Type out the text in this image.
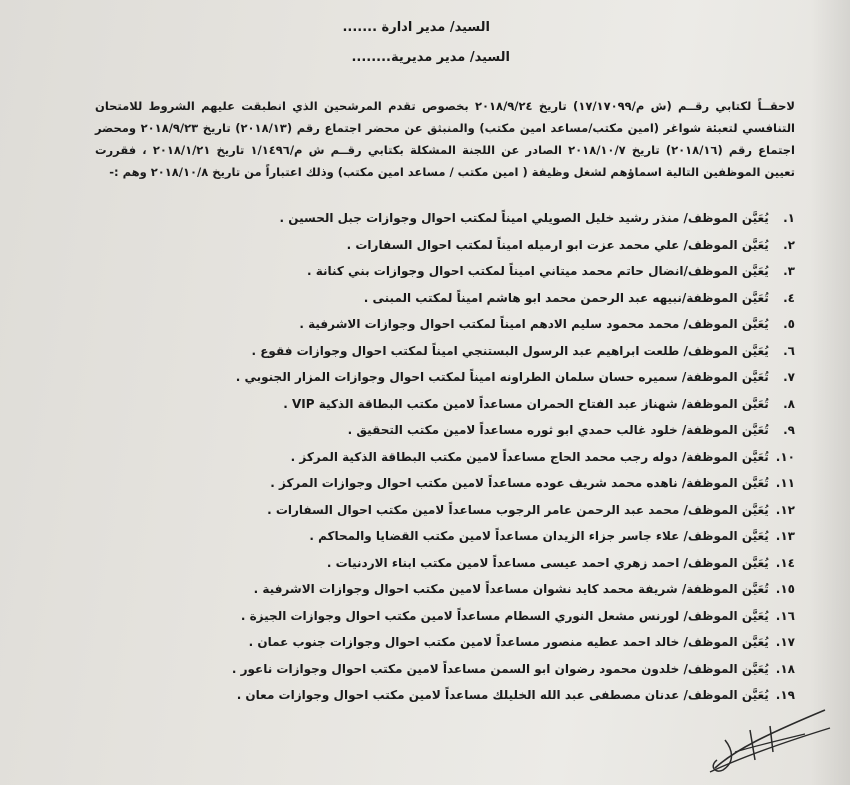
السيد/ مدير ادارة .......
السيد/ مدير مديرية........
لاحقــاً لكتابي رقــم (ش م/١٧/١٧٠٩٩) تاريخ ٢٠١٨/٩/٢٤ بخصوص تقدم المرشحين الذي انطبقت عليهم الشروط للامتحان التنافسي لتعبئة شواغر (امين مكتب/مساعد امين مكتب) والمنبثق عن محضر اجتماع رقم (٢٠١٨/١٣) تاريخ ٢٠١٨/٩/٢٣ ومحضر اجتماع رقم (٢٠١٨/١٦) تاريخ ٢٠١٨/١٠/٧ الصادر عن اللجنة المشكلة بكتابي رقــم ش م/١/١٤٩٦ تاريخ ٢٠١٨/١/٢١ ، فقررت تعيين الموظفين التالية اسماؤهم لشغل وظيفة ( امين مكتب / مساعد امين مكتب) وذلك اعتباراً من تاريخ ٢٠١٨/١٠/٨ وهم :-
١. يُعَيَّن الموظف/ منذر رشيد خليل الصويلي اميناً لمكتب احوال وجوازات جبل الحسين .
٢. يُعَيَّن الموظف/ علي محمد عزت ابو ارميله اميناً لمكتب احوال السفارات .
٣. يُعَيَّن الموظف/انضال حاتم محمد ميتاني اميناً لمكتب احوال وجوازات بني كنانة .
٤. تُعَيَّن الموظفة/نبيهه عبد الرحمن محمد ابو هاشم اميناً لمكتب المبنى .
٥. يُعَيَّن الموظف/ محمد محمود سليم الادهم اميناً لمكتب احوال وجوازات الاشرفية .
٦. يُعَيَّن الموظف/ طلعت ابراهيم عبد الرسول البستنجي اميناً لمكتب احوال وجوازات فقوع .
٧. تُعَيَّن الموظفة/ سميره حسان سلمان الطراونه اميناً لمكتب احوال وجوازات المزار الجنوبي .
٨. تُعَيَّن الموظفة/ شهناز عبد الفتاح الحمران مساعداً لامين مكتب البطاقة الذكية VIP .
٩. تُعَيَّن الموظفة/ خلود غالب حمدي ابو ثوره مساعداً لامين مكتب التحقيق .
١٠. تُعَيَّن الموظفة/ دوله رجب محمد الحاج مساعداً لامين مكتب البطاقة الذكية المركز .
١١. تُعَيَّن الموظفة/ ناهده محمد شريف عوده مساعداً لامين مكتب احوال وجوازات المركز .
١٢. يُعَيَّن الموظف/ محمد عبد الرحمن عامر الرجوب مساعداً لامين مكتب احوال السفارات .
١٣. يُعَيَّن الموظف/ علاء جاسر جزاء الزيدان مساعداً لامين مكتب القضايا والمحاكم .
١٤. يُعَيَّن الموظف/ احمد زهري احمد عيسى مساعداً لامين مكتب ابناء الاردنيات .
١٥. تُعَيَّن الموظفة/ شريفة محمد كايد نشوان مساعداً لامين مكتب احوال وجوازات الاشرفية .
١٦. يُعَيَّن الموظف/ لورنس مشعل النوري السطام مساعداً لامين مكتب احوال وجوازات الجيزة .
١٧. يُعَيَّن الموظف/ خالد احمد عطيه منصور مساعداً لامين مكتب احوال وجوازات جنوب عمان .
١٨. يُعَيَّن الموظف/ خلدون محمود رضوان ابو السمن مساعداً لامين مكتب احوال وجوازات ناعور .
١٩. يُعَيَّن الموظف/ عدنان مصطفى عبد الله الخليلك مساعداً لامين مكتب احوال وجوازات معان .
